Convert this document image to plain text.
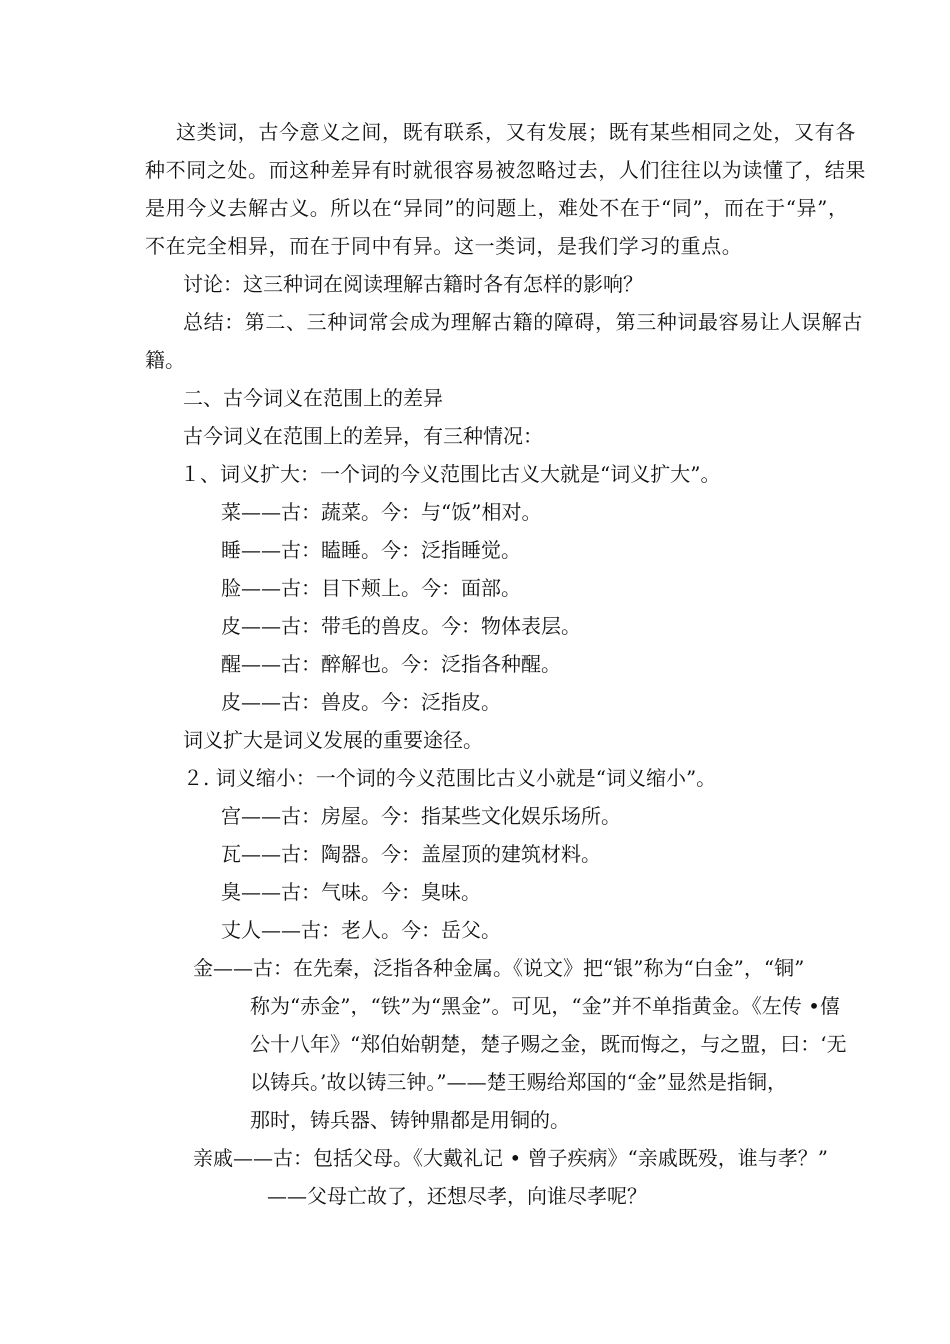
这类词，古今意义之间，既有联系，又有发展；既有某些相同之处，又有各
种不同之处。而这种差异有时就很容易被忽略过去，人们往往以为读懂了，结果
是用今义去解古义。所以在“异同”的问题上，难处不在于“同”，而在于“异”，
不在完全相异，而在于同中有异。这一类词，是我们学习的重点。
讨论：这三种词在阅读理解古籍时各有怎样的影响？
总结：第二、三种词常会成为理解古籍的障碍，第三种词最容易让人误解古
籍。
二、古今词义在范围上的差异
古今词义在范围上的差异，有三种情况：
１、词义扩大：一个词的今义范围比古义大就是“词义扩大”。
菜——古：蔬菜。今：与“饭”相对。
睡——古：瞌睡。今：泛指睡觉。
脸——古：目下颊上。今：面部。
皮——古：带毛的兽皮。今：物体表层。
醒——古：醉解也。今：泛指各种醒。
皮——古：兽皮。今：泛指皮。
词义扩大是词义发展的重要途径。
２. 词义缩小：一个词的今义范围比古义小就是“词义缩小”。
宫——古：房屋。今：指某些文化娱乐场所。
瓦——古：陶器。今：盖屋顶的建筑材料。
臭——古：气味。今：臭味。
丈人——古：老人。今：岳父。
金——古：在先秦，泛指各种金属。《说文》把“银”称为“白金”，“铜”
称为“赤金”，“铁”为“黑金”。可见，“金”并不单指黄金。《左传 •僖
公十八年》“郑伯始朝楚，楚子赐之金，既而悔之，与之盟，曰：‘无
以铸兵。’故以铸三钟。”——楚王赐给郑国的“金”显然是指铜，
那时，铸兵器、铸钟鼎都是用铜的。
亲戚——古：包括父母。《大戴礼记 • 曾子疾病》“亲戚既殁，谁与孝？”
——父母亡故了，还想尽孝，向谁尽孝呢？
